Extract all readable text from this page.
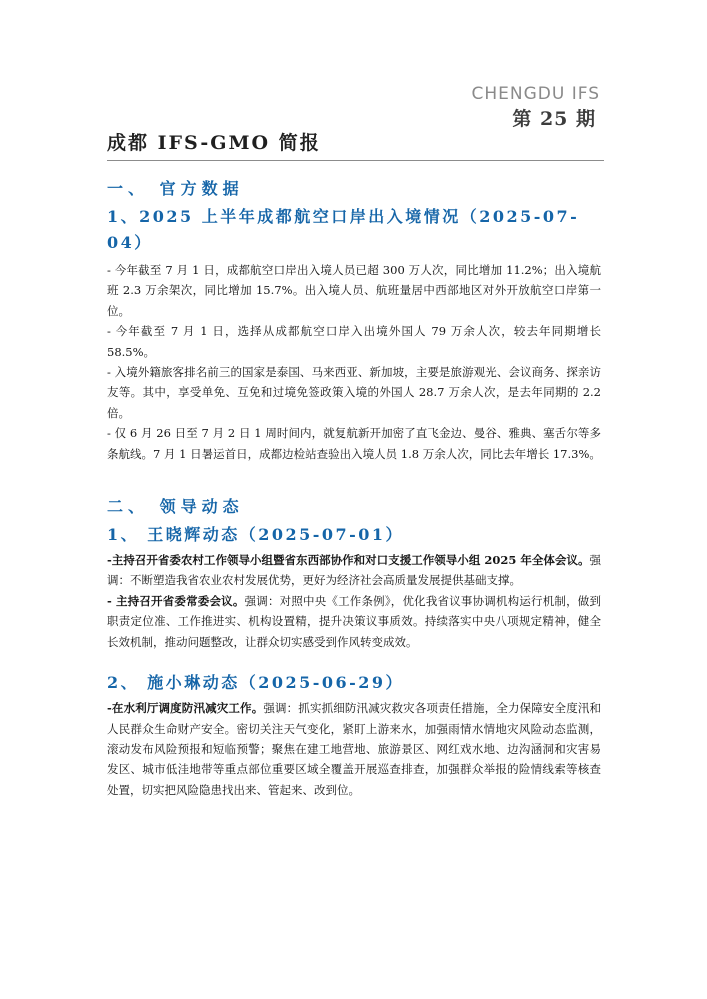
CHENGDU IFS
第 25 期
成都 IFS-GMO 简报

一、 官方数据

1、2025 上半年成都航空口岸出入境情况（2025-07-04）

- 今年截至 7 月 1 日，成都航空口岸出入境人员已超 300 万人次，同比增加 11.2%；出入境航班 2.3 万余架次，同比增加 15.7%。出入境人员、航班量居中西部地区对外开放航空口岸第一位。

- 今年截至 7 月 1 日，选择从成都航空口岸入出境外国人 79 万余人次，较去年同期增长 58.5%。

- 入境外籍旅客排名前三的国家是泰国、马来西亚、新加坡，主要是旅游观光、会议商务、探亲访友等。其中，享受单免、互免和过境免签政策入境的外国人 28.7 万余人次，是去年同期的 2.2 倍。

- 仅 6 月 26 日至 7 月 2 日 1 周时间内，就复航新开加密了直飞金边、曼谷、雅典、塞舌尔等多条航线。7 月 1 日暑运首日，成都边检站查验出入境人员 1.8 万余人次，同比去年增长 17.3%。

二、 领导动态

1、 王晓辉动态（2025-07-01）

-主持召开省委农村工作领导小组暨省东西部协作和对口支援工作领导小组 2025 年全体会议。强调：不断塑造我省农业农村发展优势，更好为经济社会高质量发展提供基础支撑。

- 主持召开省委常委会议。强调：对照中央《工作条例》，优化我省议事协调机构运行机制，做到职责定位准、工作推进实、机构设置精，提升决策议事质效。持续落实中央八项规定精神，健全长效机制，推动问题整改，让群众切实感受到作风转变成效。

2、 施小琳动态（2025-06-29）

-在水利厅调度防汛减灾工作。强调：抓实抓细防汛减灾救灾各项责任措施，全力保障安全度汛和人民群众生命财产安全。密切关注天气变化，紧盯上游来水，加强雨情水情地灾风险动态监测，滚动发布风险预报和短临预警；聚焦在建工地营地、旅游景区、网红戏水地、边沟涵洞和灾害易发区、城市低洼地带等重点部位重要区域全覆盖开展巡查排查，加强群众举报的险情线索等核查处置，切实把风险隐患找出来、管起来、改到位。
